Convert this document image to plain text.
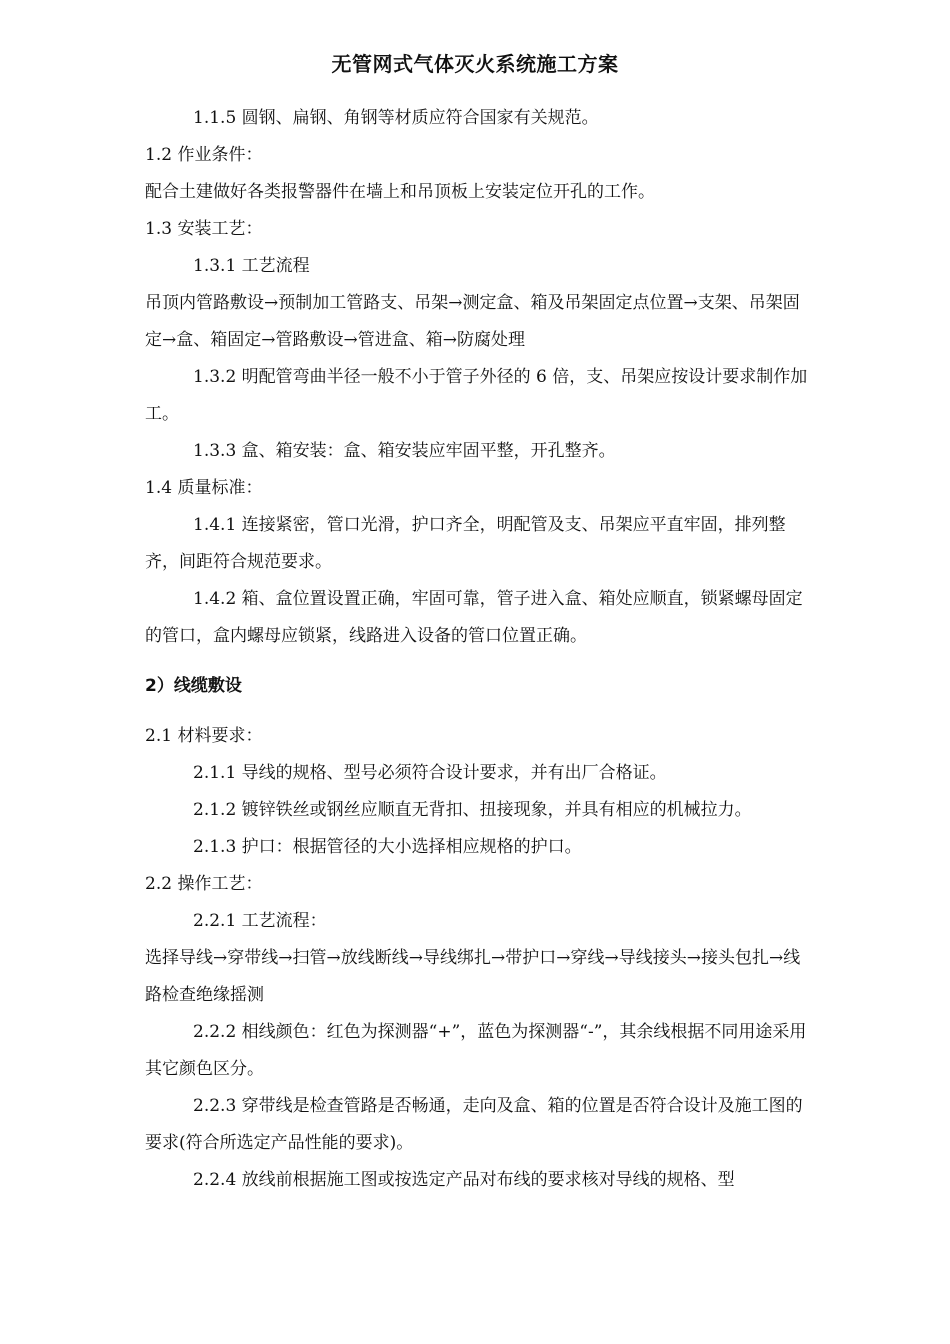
无管网式气体灭火系统施工方案

1.1.5 圆钢、扁钢、角钢等材质应符合国家有关规范。

1.2 作业条件：

配合土建做好各类报警器件在墙上和吊顶板上安装定位开孔的工作。

1.3 安装工艺：

1.3.1 工艺流程

吊顶内管路敷设→预制加工管路支、吊架→测定盒、箱及吊架固定点位置→支架、吊架固定→盒、箱固定→管路敷设→管进盒、箱→防腐处理

1.3.2 明配管弯曲半径一般不小于管子外径的 6 倍，支、吊架应按设计要求制作加工。

1.3.3 盒、箱安装：盒、箱安装应牢固平整，开孔整齐。

1.4 质量标准：

1.4.1 连接紧密，管口光滑，护口齐全，明配管及支、吊架应平直牢固，排列整齐，间距符合规范要求。

1.4.2 箱、盒位置设置正确，牢固可靠，管子进入盒、箱处应顺直，锁紧螺母固定的管口，盒内螺母应锁紧，线路进入设备的管口位置正确。

2）线缆敷设

2.1 材料要求：

2.1.1 导线的规格、型号必须符合设计要求，并有出厂合格证。

2.1.2 镀锌铁丝或钢丝应顺直无背扣、扭接现象，并具有相应的机械拉力。

2.1.3 护口：根据管径的大小选择相应规格的护口。

2.2 操作工艺：

2.2.1 工艺流程：

选择导线→穿带线→扫管→放线断线→导线绑扎→带护口→穿线→导线接头→接头包扎→线路检查绝缘摇测

2.2.2 相线颜色：红色为探测器“+”，蓝色为探测器“-”，其余线根据不同用途采用其它颜色区分。

2.2.3 穿带线是检查管路是否畅通，走向及盒、箱的位置是否符合设计及施工图的要求(符合所选定产品性能的要求)。

2.2.4 放线前根据施工图或按选定产品对布线的要求核对导线的规格、型
